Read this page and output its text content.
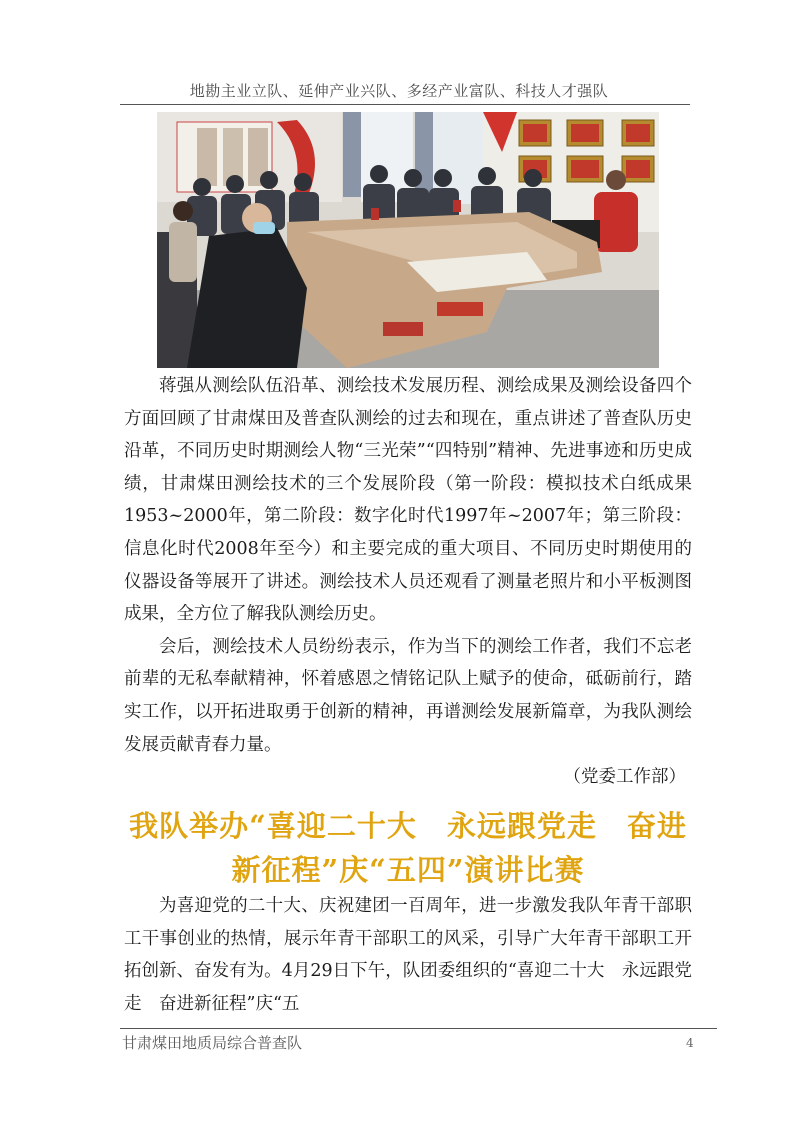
地勘主业立队、延伸产业兴队、多经产业富队、科技人才强队

蒋强从测绘队伍沿革、测绘技术发展历程、测绘成果及测绘设备四个方面回顾了甘肃煤田及普查队测绘的过去和现在，重点讲述了普查队历史沿革，不同历史时期测绘人物“三光荣”“四特别”精神、先进事迹和历史成绩，甘肃煤田测绘技术的三个发展阶段（第一阶段：模拟技术白纸成果1953~2000年，第二阶段：数字化时代1997年~2007年；第三阶段：信息化时代2008年至今）和主要完成的重大项目、不同历史时期使用的仪器设备等展开了讲述。测绘技术人员还观看了测量老照片和小平板测图成果，全方位了解我队测绘历史。

会后，测绘技术人员纷纷表示，作为当下的测绘工作者，我们不忘老前辈的无私奉献精神，怀着感恩之情铭记队上赋予的使命，砥砺前行，踏实工作，以开拓进取勇于创新的精神，再谱测绘发展新篇章，为我队测绘发展贡献青春力量。

（党委工作部）
我队举办“喜迎二十大　永远跟党走　奋进
新征程”庆“五四”演讲比赛

为喜迎党的二十大、庆祝建团一百周年，进一步激发我队年青干部职工干事创业的热情，展示年青干部职工的风采，引导广大年青干部职工开拓创新、奋发有为。4月29日下午，队团委组织的“喜迎二十大　永远跟党走　奋进新征程”庆“五

甘肃煤田地质局综合普查队	4
